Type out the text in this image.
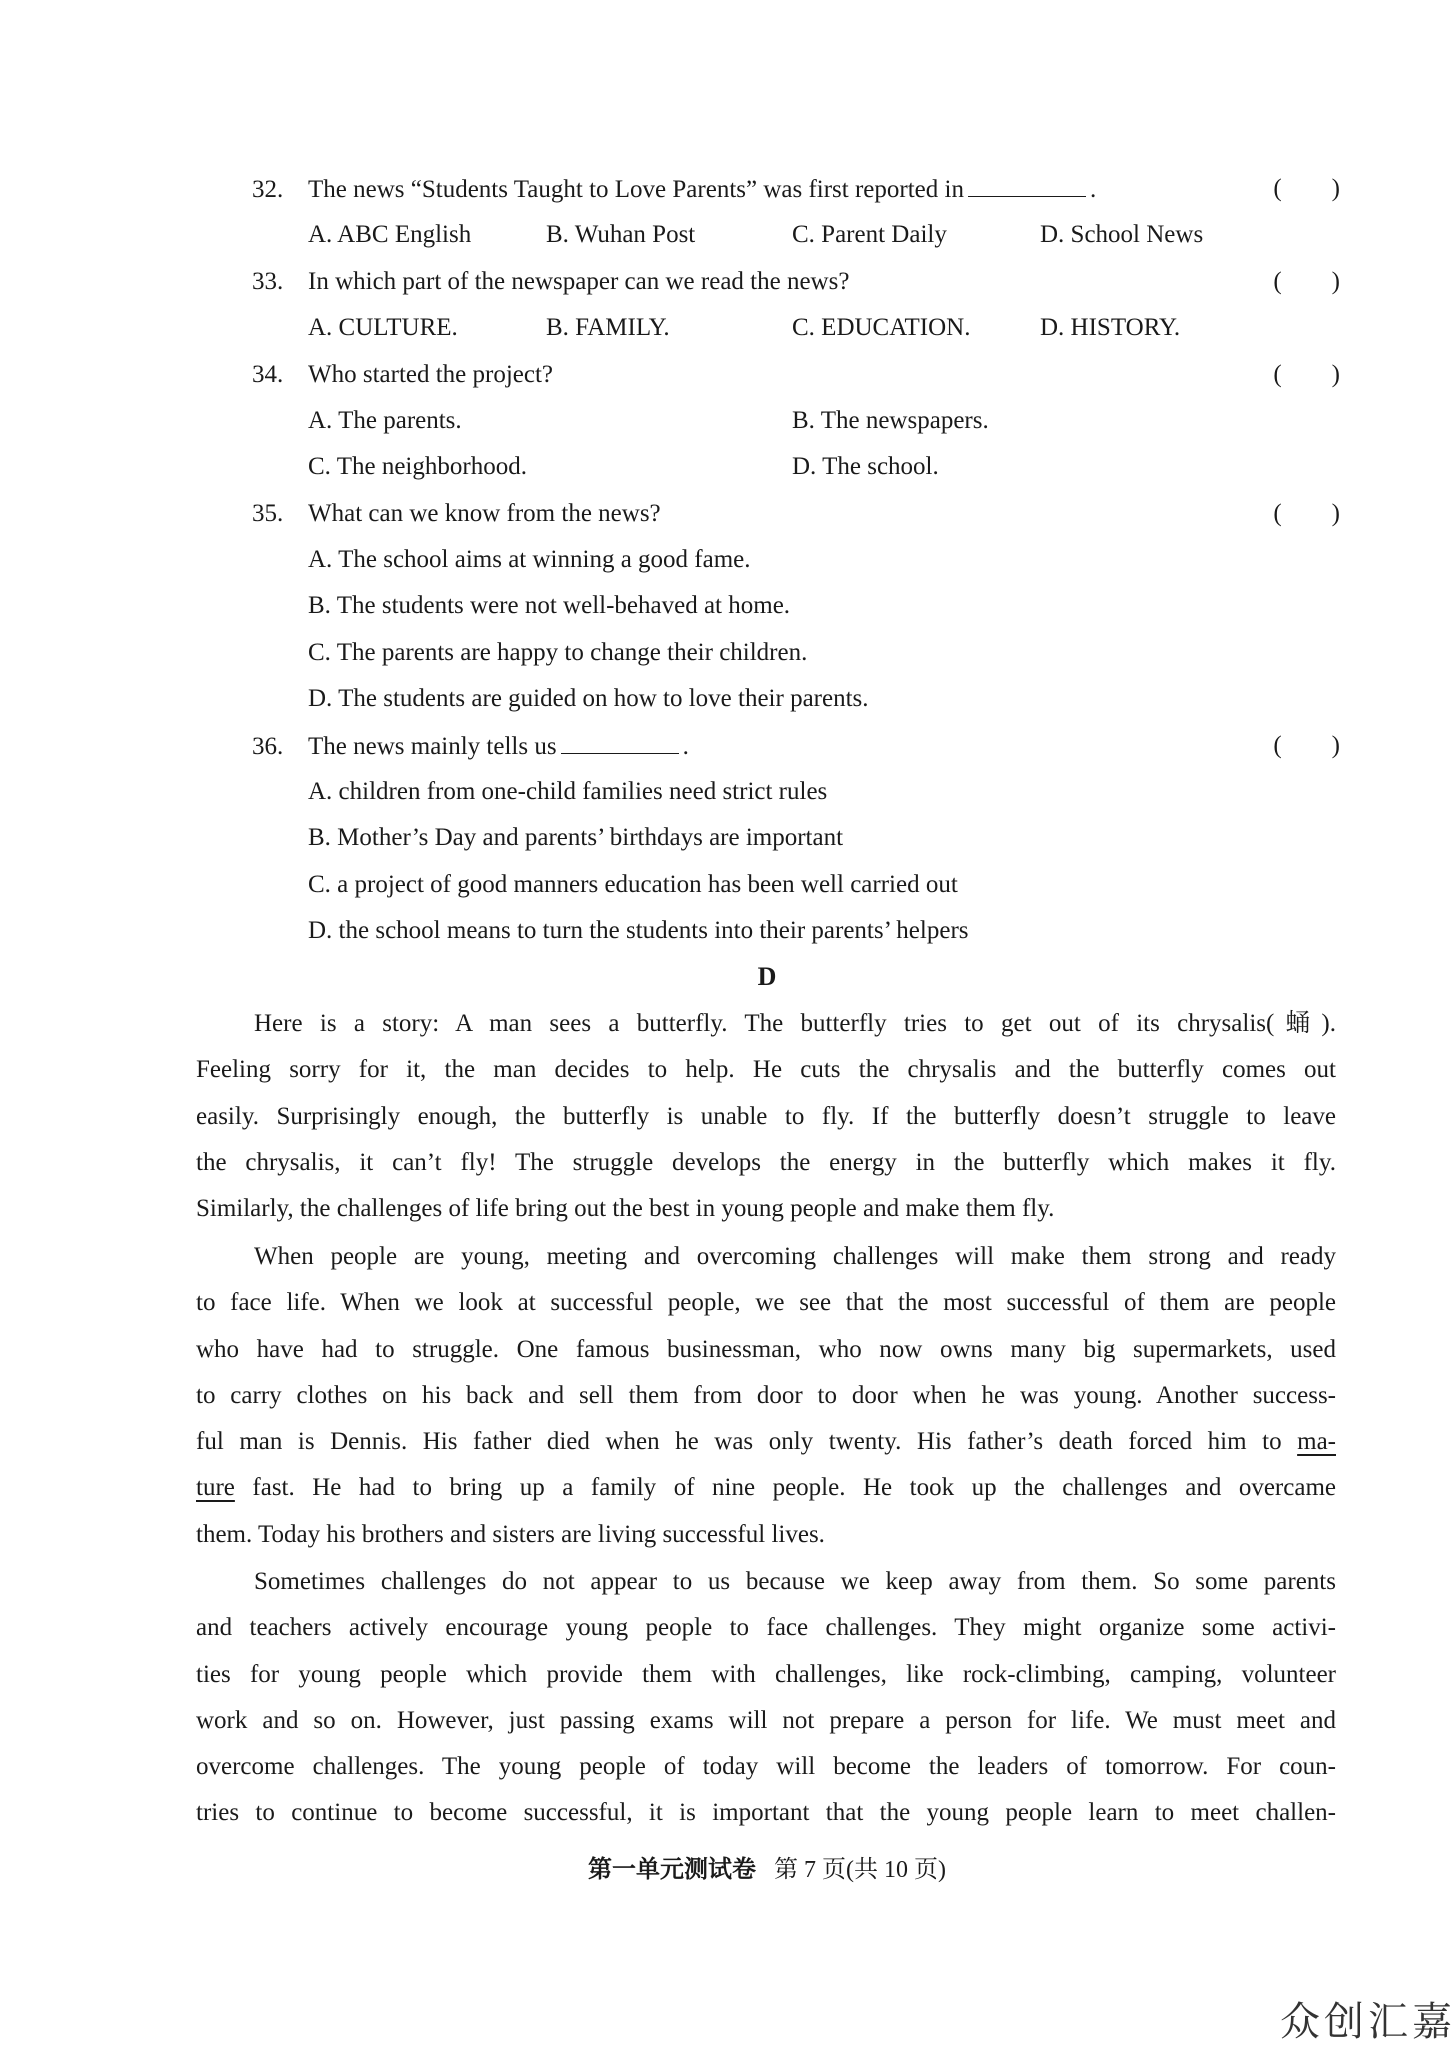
32. The news “Students Taught to Love Parents” was first reported in	.	(　　)
A. ABC English	B. Wuhan Post	C. Parent Daily	D. School News
33. In which part of the newspaper can we read the news?	(　　)
A. CULTURE.	B. FAMILY.	C. EDUCATION.	D. HISTORY.
34. Who started the project?	(　　)
A. The parents.	B. The newspapers.
C. The neighborhood.	D. The school.
35. What can we know from the news?	(　　)
A. The school aims at winning a good fame.
B. The students were not well-behaved at home.
C. The parents are happy to change their children.
D. The students are guided on how to love their parents.
36. The news mainly tells us	.	(　　)
A. children from one-child families need strict rules
B. Mother’s Day and parents’ birthdays are important
C. a project of good manners education has been well carried out
D. the school means to turn the students into their parents’ helpers
D
Here is a story: A man sees a butterfly. The butterfly tries to get out of its chrysalis(蛹).
Feeling sorry for it, the man decides to help. He cuts the chrysalis and the butterfly comes out
easily. Surprisingly enough, the butterfly is unable to fly. If the butterfly doesn’t struggle to leave
the chrysalis, it can’t fly! The struggle develops the energy in the butterfly which makes it fly.
Similarly, the challenges of life bring out the best in young people and make them fly.
When people are young, meeting and overcoming challenges will make them strong and ready
to face life. When we look at successful people, we see that the most successful of them are people
who have had to struggle. One famous businessman, who now owns many big supermarkets, used
to carry clothes on his back and sell them from door to door when he was young. Another success-
ful man is Dennis. His father died when he was only twenty. His father’s death forced him to ma-
ture fast. He had to bring up a family of nine people. He took up the challenges and overcame
them. Today his brothers and sisters are living successful lives.
Sometimes challenges do not appear to us because we keep away from them. So some parents
and teachers actively encourage young people to face challenges. They might organize some activi-
ties for young people which provide them with challenges, like rock-climbing, camping, volunteer
work and so on. However, just passing exams will not prepare a person for life. We must meet and
overcome challenges. The young people of today will become the leaders of tomorrow. For coun-
tries to continue to become successful, it is important that the young people learn to meet challen-
第一单元测试卷 第 7 页(共 10 页)
众创汇嘉
